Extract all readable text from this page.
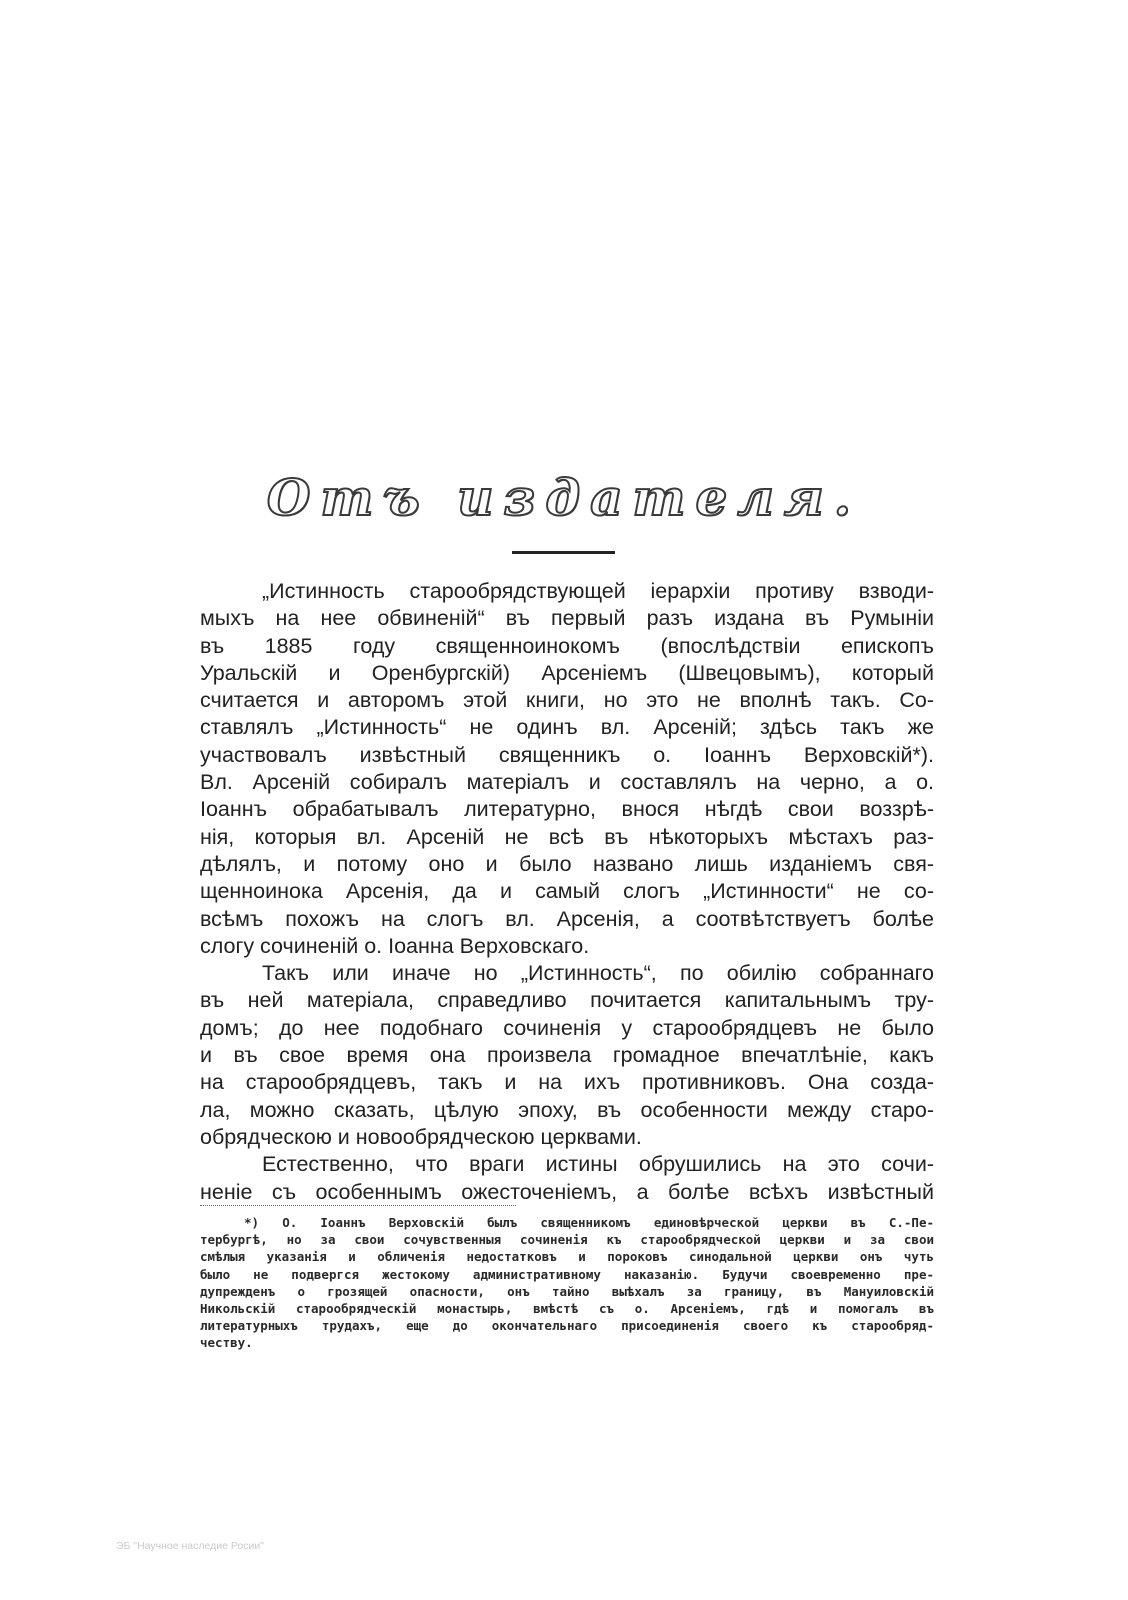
Отъ издателя.
„Истинность старообрядствующей іерархіи противу взводи-
мыхъ на нее обвиненій“ въ первый разъ издана въ Румыніи
въ 1885 году священноинокомъ (впослѣдствіи епископъ
Уральскій и Оренбургскій) Арсеніемъ (Швецовымъ), который
считается и авторомъ этой книги, но это не вполнѣ такъ. Со-
ставлялъ „Истинность“ не одинъ вл. Арсеній; здѣсь такъ же
участвовалъ извѣстный священникъ о. Іоаннъ Верховскій*).
Вл. Арсеній собиралъ матеріалъ и составлялъ на черно, а о.
Іоаннъ обрабатывалъ литературно, внося нѣгдѣ свои воззрѣ-
нія, которыя вл. Арсеній не всѣ въ нѣкоторыхъ мѣстахъ раз-
дѣлялъ, и потому оно и было названо лишь изданіемъ свя-
щенноинока Арсенія, да и самый слогъ „Истинности“ не со-
всѣмъ похожъ на слогъ вл. Арсенія, а соотвѣтствуетъ болѣе
слогу сочиненій о. Іоанна Верховскаго.
Такъ или иначе но „Истинность“, по обилію собраннаго
въ ней матеріала, справедливо почитается капитальнымъ тру-
домъ; до нее подобнаго сочиненія у старообрядцевъ не было
и въ свое время она произвела громадное впечатлѣніе, какъ
на старообрядцевъ, такъ и на ихъ противниковъ. Она созда-
ла, можно сказать, цѣлую эпоху, въ особенности между старо-
обрядческою и новообрядческою церквами.
Естественно, что враги истины обрушились на это сочи-
неніе съ особеннымъ ожесточеніемъ, а болѣе всѣхъ извѣстный
*) О. Іоаннъ Верховскій былъ священникомъ единовѣрческой церкви въ С.-Пе-
тербургѣ, но за свои сочувственныя сочиненія къ старообрядческой церкви и за свои
смѣлыя указанія и обличенія недостатковъ и пороковъ синодальной церкви онъ чуть
было не подвергся жестокому административному наказанію. Будучи своевременно пре-
дупрежденъ о грозящей опасности, онъ тайно выѣхалъ за границу, въ Мануиловскій
Никольскій старообрядческій монастырь, вмѣстѣ съ о. Арсеніемъ, гдѣ и помогалъ въ
литературныхъ трудахъ, еще до окончательнаго присоединенія своего къ старообряд-
честву.
ЭБ "Научное наследие Росии"
